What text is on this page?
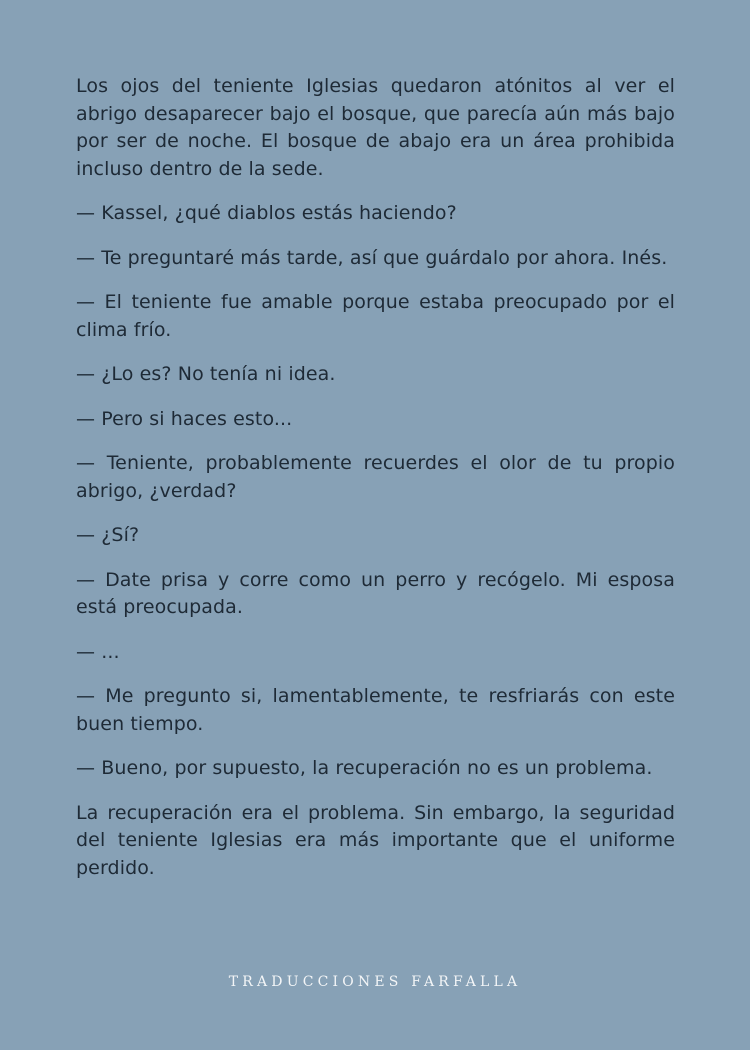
Los ojos del teniente Iglesias quedaron atónitos al ver el abrigo desaparecer bajo el bosque, que parecía aún más bajo por ser de noche. El bosque de abajo era un área prohibida incluso dentro de la sede.

— Kassel, ¿qué diablos estás haciendo?

— Te preguntaré más tarde, así que guárdalo por ahora. Inés.

— El teniente fue amable porque estaba preocupado por el clima frío.

— ¿Lo es? No tenía ni idea.

— Pero si haces esto...

— Teniente, probablemente recuerdes el olor de tu propio abrigo, ¿verdad?

— ¿Sí?

— Date prisa y corre como un perro y recógelo. Mi esposa está preocupada.

— ...

— Me pregunto si, lamentablemente, te resfriarás con este buen tiempo.

— Bueno, por supuesto, la recuperación no es un problema.

La recuperación era el problema. Sin embargo, la seguridad del teniente Iglesias era más importante que el uniforme perdido.

TRADUCCIONES FARFALLA
